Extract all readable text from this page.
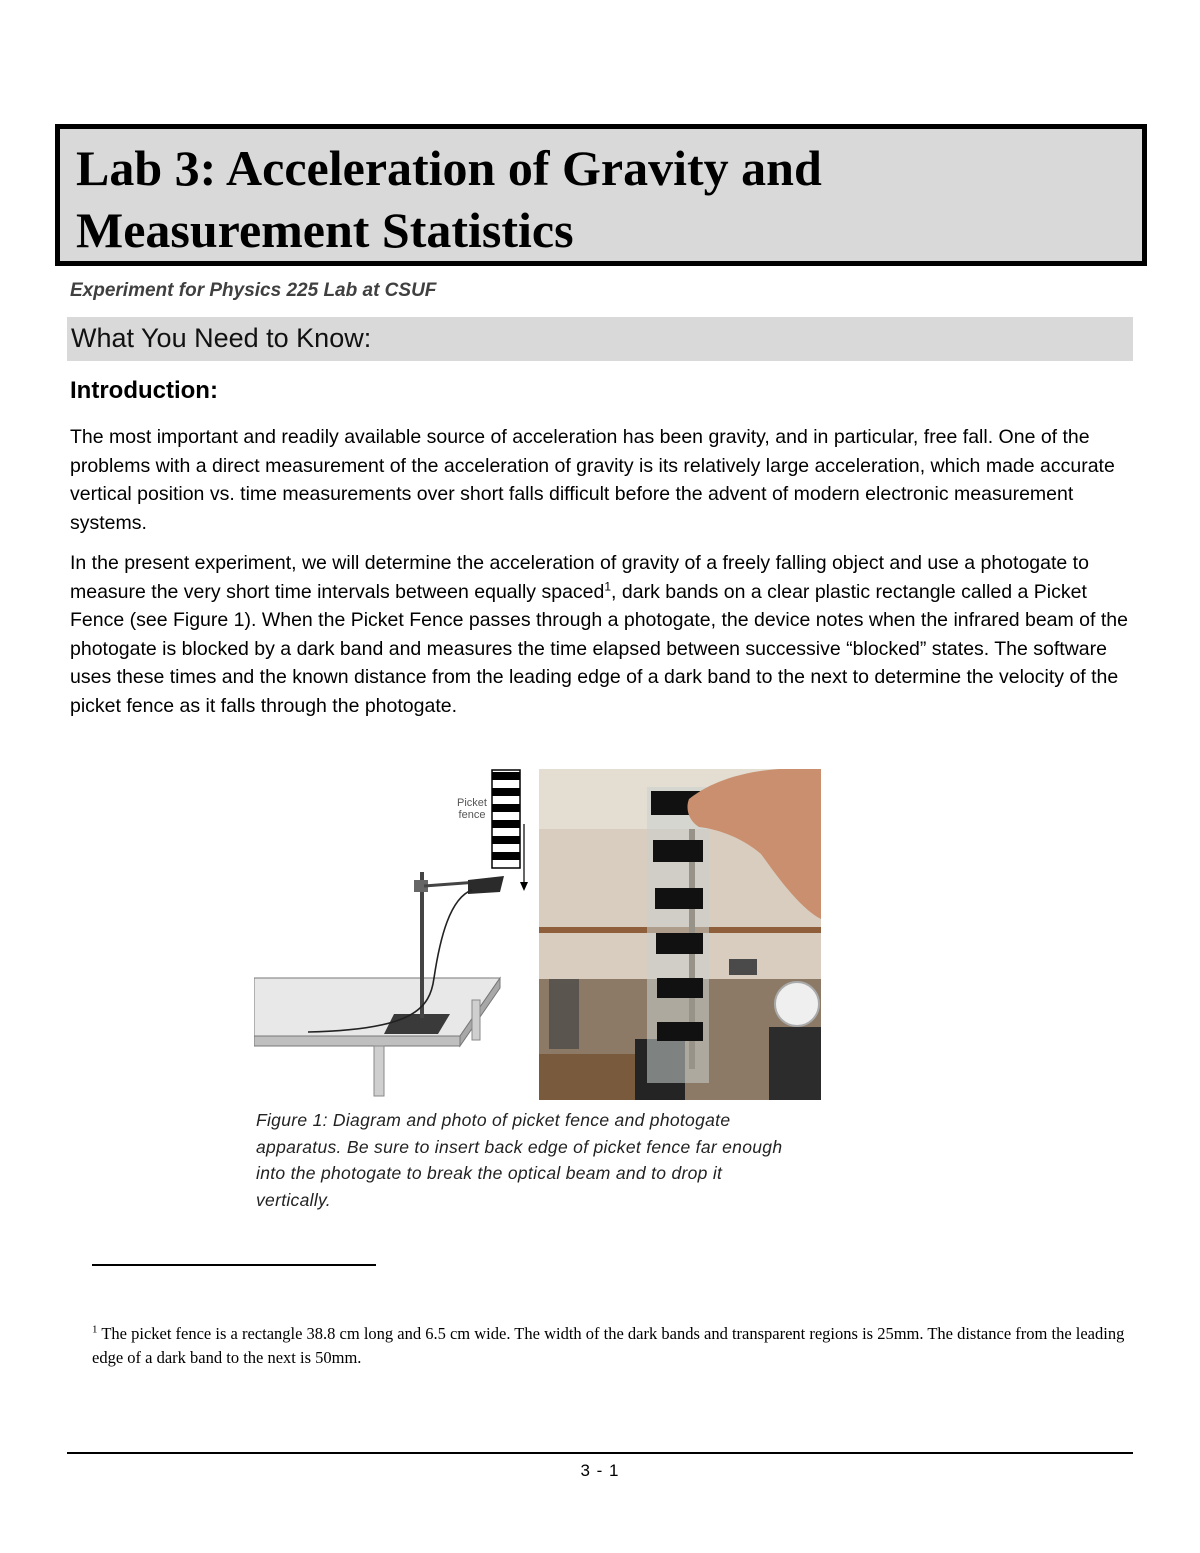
Lab 3: Acceleration of Gravity and
Measurement Statistics
Experiment for Physics 225 Lab at CSUF
What You Need to Know:
Introduction:

The most important and readily available source of acceleration has been gravity, and in particular, free fall. One of the problems with a direct measurement of the acceleration of gravity is its relatively large acceleration, which made accurate vertical position vs. time measurements over short falls difficult before the advent of modern electronic measurement systems.

In the present experiment, we will determine the acceleration of gravity of a freely falling object and use a photogate to measure the very short time intervals between equally spaced$^1$, dark bands on a clear plastic rectangle called a Picket Fence (see Figure 1). When the Picket Fence passes through a photogate, the device notes when the infrared beam of the photogate is blocked by a dark band and measures the time elapsed between successive “blocked” states. The software uses these times and the known distance from the leading edge of a dark band to the next to determine the velocity of the picket fence as it falls through the photogate.

Picket
fence
Figure 1: Diagram and photo of picket fence and photogate apparatus. Be sure to insert back edge of picket fence far enough into the photogate to break the optical beam and to drop it vertically.
$^1$ The picket fence is a rectangle 38.8 cm long and 6.5 cm wide. The width of the dark bands and transparent regions is 25mm. The distance from the leading edge of a dark band to the next is 50mm.
3 - 1
